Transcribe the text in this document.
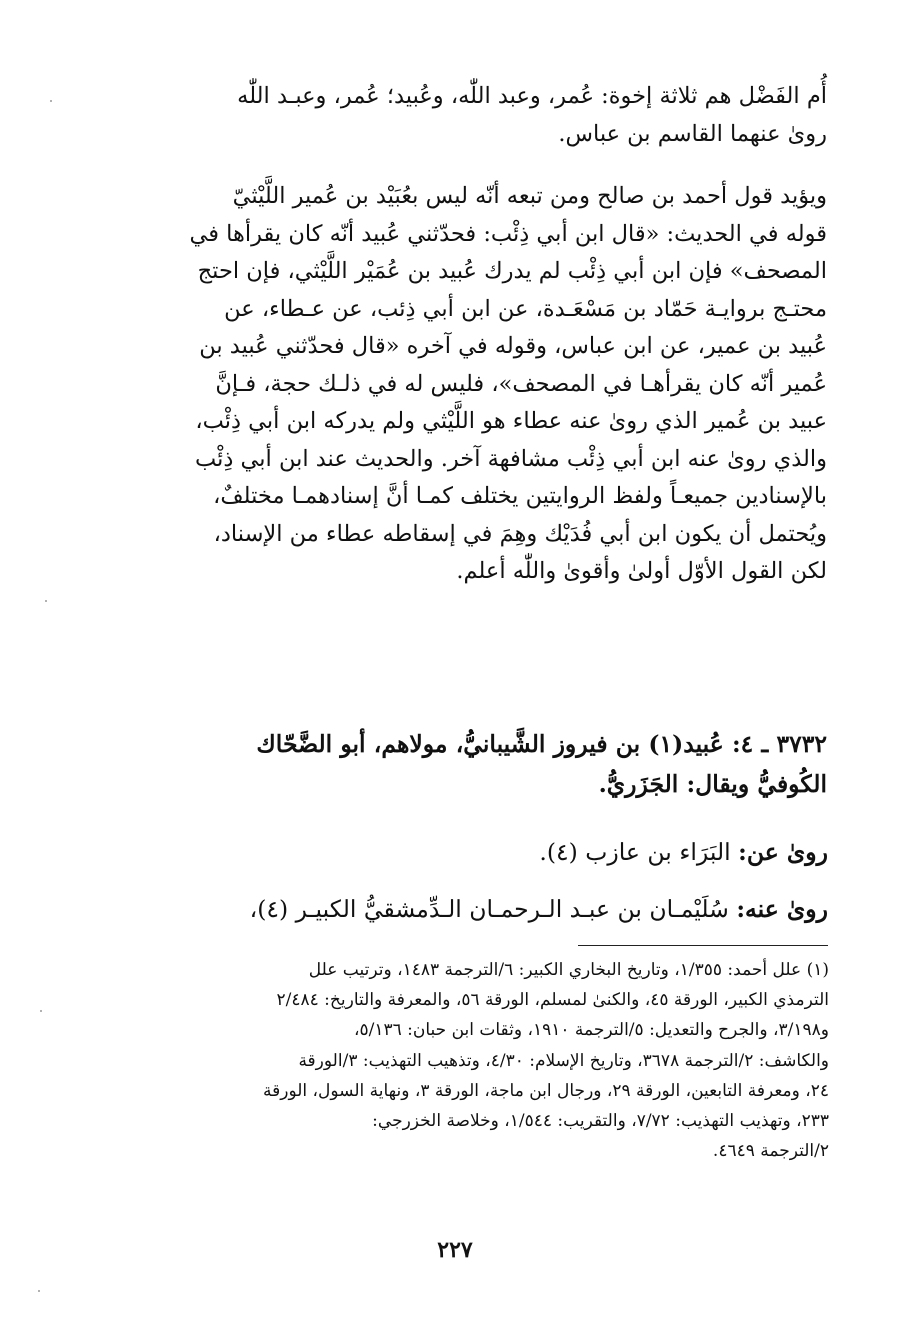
أُم الفَضْل هم ثلاثة إخوة: عُمر، وعبد اللّٰه، وعُبيد؛ عُمر، وعبـد اللّٰه

روىٰ عنهما القاسم بن عباس.

ويؤيد قول أحمد بن صالح ومن تبعه أنّه ليس بعُبَيْد بن عُمير اللَّيْثيّ

قوله في الحديث: «قال ابن أبي ذِئْب: فحدّثني عُبيد أنّه كان يقرأها في

المصحف» فإن ابن أبي ذِئْب لم يدرك عُبيد بن عُمَيْر اللَّيْثي، فإن احتج

محتـج بروايـة حَمّاد بن مَسْعَـدة، عن ابن أبي ذِئب، عن عـطاء، عن

عُبيد بن عمير، عن ابن عباس، وقوله في آخره «قال فحدّثني عُبيد بن

عُمير أنّه كان يقرأهـا في المصحف»، فليس له في ذلـك حجة، فـإنَّ

عبيد بن عُمير الذي روىٰ عنه عطاء هو اللَّيْثي ولم يدركه ابن أبي ذِئْب،

والذي روىٰ عنه ابن أبي ذِئْب مشافهة آخر. والحديث عند ابن أبي ذِئْب

بالإسنادين جميعـاً ولفظ الروايتين يختلف كمـا أنَّ إسنادهمـا مختلفٌ،

ويُحتمل أن يكون ابن أبي فُدَيْك وهِمَ في إسقاطه عطاء من الإسناد،

لكن القول الأوّل أولىٰ وأقوىٰ واللّٰه أعلم.

٣٧٣٢ ـ ٤: عُبيد(١) بن فيروز الشَّيبانيُّ، مولاهم، أبو الضَّحّاك

الكُوفيُّ ويقال: الجَزَريُّ.

روىٰ عن: البَرَاء بن عازب (٤).
روىٰ عنه: سُلَيْمـان بن عبـد الـرحمـان الـدِّمشقيُّ الكبيـر (٤)،

(١) علل أحمد: ١/٣٥٥، وتاريخ البخاري الكبير: ٦/الترجمة ١٤٨٣، وترتيب علل

الترمذي الكبير، الورقة ٤٥، والكنىٰ لمسلم، الورقة ٥٦، والمعرفة والتاريخ: ٢/٤٨٤

و٣/١٩٨، والجرح والتعديل: ٥/الترجمة ١٩١٠، وثقات ابن حبان: ٥/١٣٦،

والكاشف: ٢/الترجمة ٣٦٧٨، وتاريخ الإسلام: ٤/٣٠، وتذهيب التهذيب: ٣/الورقة

٢٤، ومعرفة التابعين، الورقة ٢٩، ورجال ابن ماجة، الورقة ٣، ونهاية السول، الورقة

٢٣٣، وتهذيب التهذيب: ٧/٧٢، والتقريب: ١/٥٤٤، وخلاصة الخزرجي:

٢/الترجمة ٤٦٤٩.

٢٢٧
